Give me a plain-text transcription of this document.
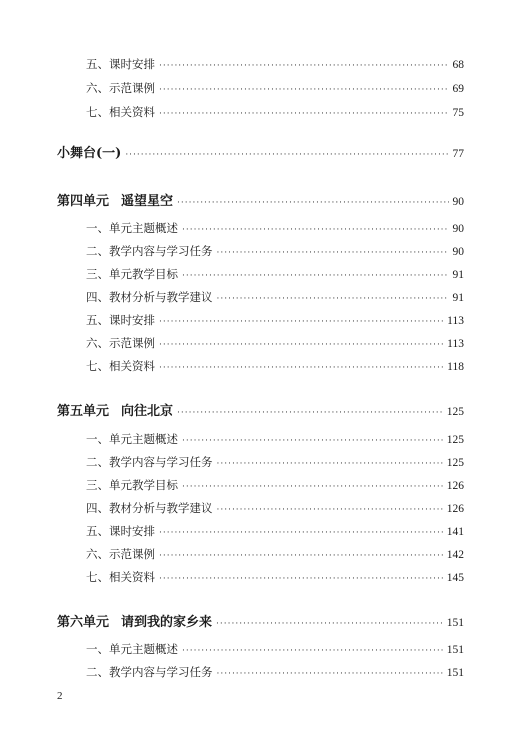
五、课时安排 ·····	68
六、示范课例 ·····	69
七、相关资料 ·····	75
小舞台(一) ·····	77
第四单元 遥望星空 ·····	90
一、单元主题概述 ·····	90
二、教学内容与学习任务 ·····	90
三、单元教学目标 ·····	91
四、教材分析与教学建议 ·····	91
五、课时安排 ·····	113
六、示范课例 ·····	113
七、相关资料 ·····	118
第五单元 向往北京 ·····	125
一、单元主题概述 ·····	125
二、教学内容与学习任务 ·····	125
三、单元教学目标 ·····	126
四、教材分析与教学建议 ·····	126
五、课时安排 ·····	141
六、示范课例 ·····	142
七、相关资料 ·····	145
第六单元 请到我的家乡来 ·····	151
一、单元主题概述 ·····	151
二、教学内容与学习任务 ·····	151
2
